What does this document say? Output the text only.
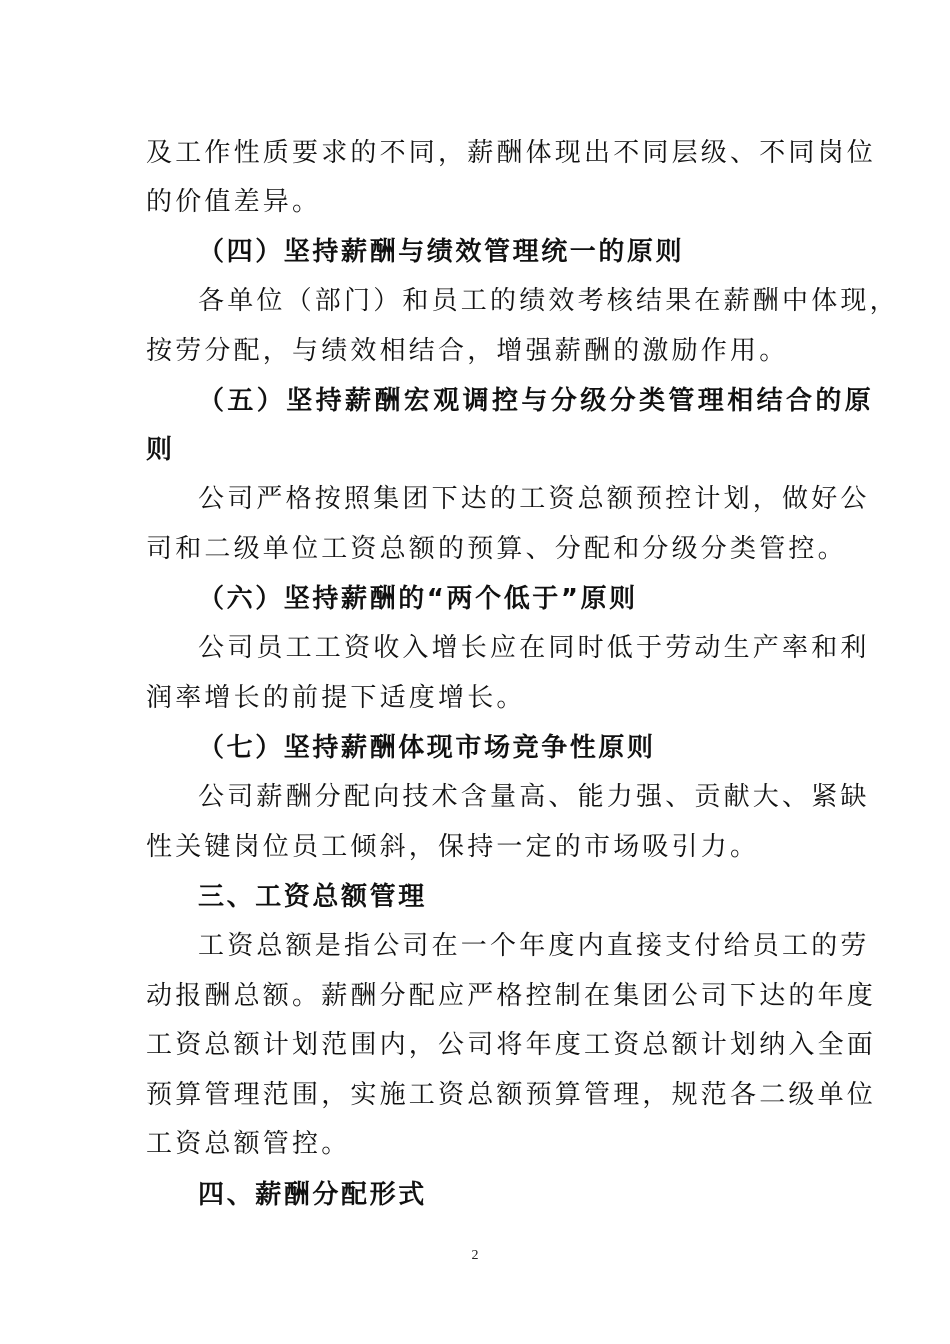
及工作性质要求的不同，薪酬体现出不同层级、不同岗位

的价值差异。

（四）坚持薪酬与绩效管理统一的原则

各单位（部门）和员工的绩效考核结果在薪酬中体现，

按劳分配，与绩效相结合，增强薪酬的激励作用。

（五）坚持薪酬宏观调控与分级分类管理相结合的原

则

公司严格按照集团下达的工资总额预控计划，做好公

司和二级单位工资总额的预算、分配和分级分类管控。

（六）坚持薪酬的“两个低于”原则

公司员工工资收入增长应在同时低于劳动生产率和利

润率增长的前提下适度增长。

（七）坚持薪酬体现市场竞争性原则

公司薪酬分配向技术含量高、能力强、贡献大、紧缺

性关键岗位员工倾斜，保持一定的市场吸引力。

三、工资总额管理

工资总额是指公司在一个年度内直接支付给员工的劳

动报酬总额。薪酬分配应严格控制在集团公司下达的年度

工资总额计划范围内，公司将年度工资总额计划纳入全面

预算管理范围，实施工资总额预算管理，规范各二级单位

工资总额管控。

四、薪酬分配形式

2
